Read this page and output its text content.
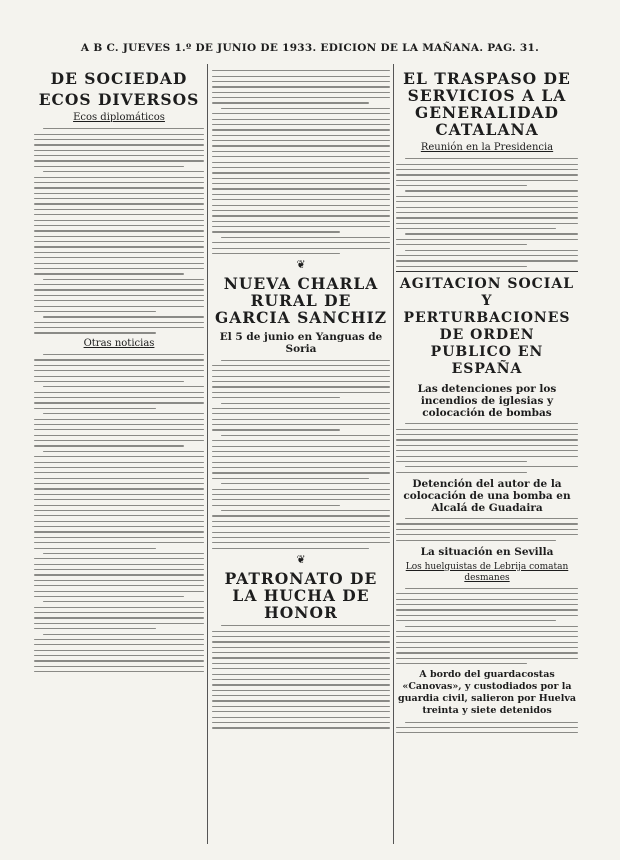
A B C. JUEVES 1.º DE JUNIO DE 1933. EDICION DE LA MAÑANA. PAG. 31.
DE SOCIEDAD
ECOS DIVERSOS
Ecos diplomáticos
Otras noticias
❦
NUEVA CHARLA RURAL DE GARCIA SANCHIZ
El 5 de junio en Yanguas de Soria
❦
PATRONATO DE LA HUCHA DE HONOR
EL TRASPASO DE SERVICIOS A LA GENERALIDAD CATALANA
Reunión en la Presidencia
AGITACION SOCIAL Y PERTURBACIONES DE ORDEN PUBLICO EN ESPAÑA
Las detenciones por los incendios de iglesias y colocación de bombas
Detención del autor de la colocación de una bomba en Alcalá de Guadaira
La situación en Sevilla
Los huelguistas de Lebrija comatan desmanes
A bordo del guardacostas «Canovas», y custodiados por la guardia civil, salieron por Huelva treinta y siete detenidos
